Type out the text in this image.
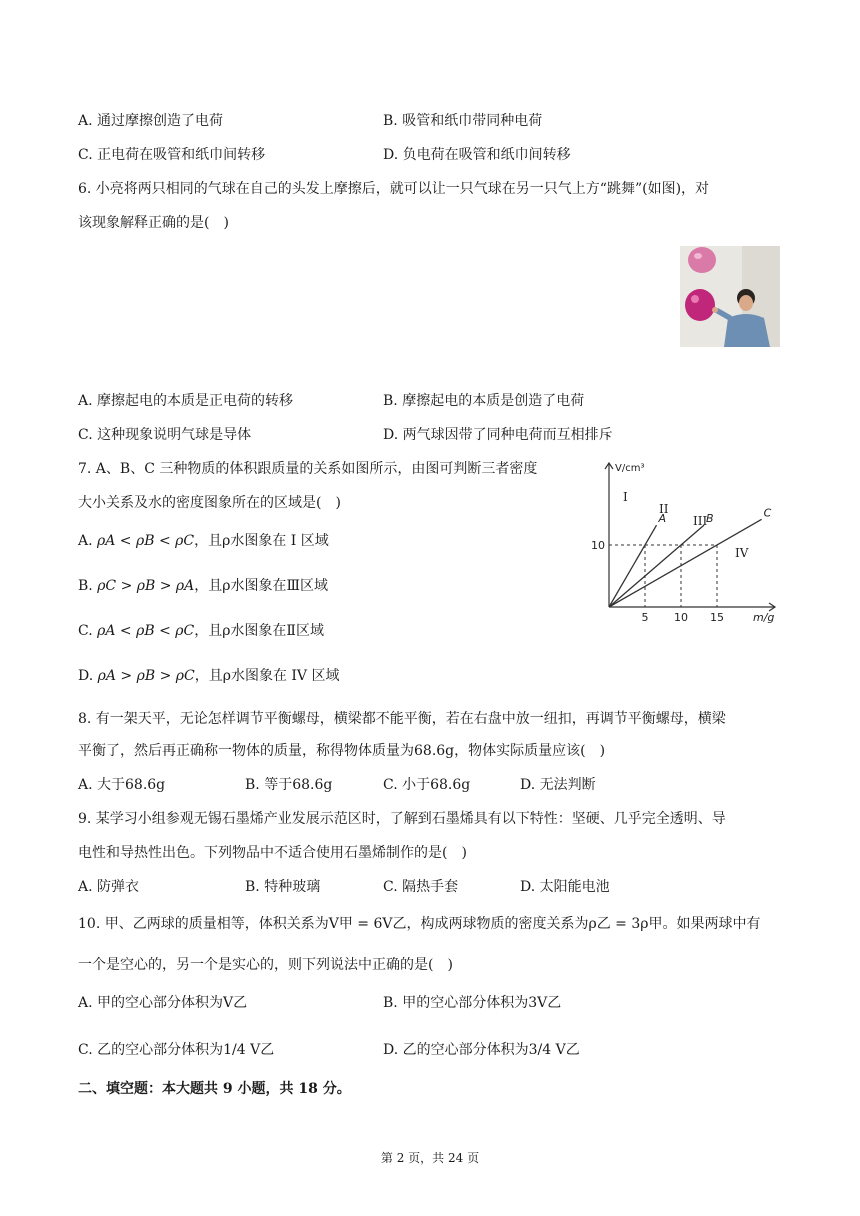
A. 通过摩擦创造了电荷	B. 吸管和纸巾带同种电荷
C. 正电荷在吸管和纸巾间转移	D. 负电荷在吸管和纸巾间转移
6. 小亮将两只相同的气球在自己的头发上摩擦后，就可以让一只气球在另一只气上方“跳舞”(如图)，对
该现象解释正确的是(　)
A. 摩擦起电的本质是正电荷的转移	B. 摩擦起电的本质是创造了电荷
C. 这种现象说明气球是导体	D. 两气球因带了同种电荷而互相排斥
7. A、B、C 三种物质的体积跟质量的关系如图所示，由图可判断三者密度
大小关系及水的密度图象所在的区域是(　)
A. ρA < ρB < ρC，且ρ水图象在 I 区域
B. ρC > ρB > ρA，且ρ水图象在Ⅲ区域
C. ρA < ρB < ρC，且ρ水图象在Ⅱ区域
D. ρA > ρB > ρC，且ρ水图象在 IV 区域
A	B	C
5 10 15
10
V/cm³
m/g
I
II
III
IV
8. 有一架天平，无论怎样调节平衡螺母，横梁都不能平衡，若在右盘中放一纽扣，再调节平衡螺母，横梁
平衡了，然后再正确称一物体的质量，称得物体质量为68.6g，物体实际质量应该(　)
A. 大于68.6g	B. 等于68.6g	C. 小于68.6g	D. 无法判断
9. 某学习小组参观无锡石墨烯产业发展示范区时，了解到石墨烯具有以下特性：坚硬、几乎完全透明、导
电性和导热性出色。下列物品中不适合使用石墨烯制作的是(　)
A. 防弹衣	B. 特种玻璃	C. 隔热手套	D. 太阳能电池
10. 甲、乙两球的质量相等，体积关系为V甲 = 6V乙，构成两球物质的密度关系为ρ乙 = 3ρ甲。如果两球中有
一个是空心的，另一个是实心的，则下列说法中正确的是(　)
A. 甲的空心部分体积为V乙	B. 甲的空心部分体积为3V乙
C. 乙的空心部分体积为1/4 V乙	D. 乙的空心部分体积为3/4 V乙
二、填空题：本大题共 9 小题，共 18 分。
第 2 页，共 24 页
